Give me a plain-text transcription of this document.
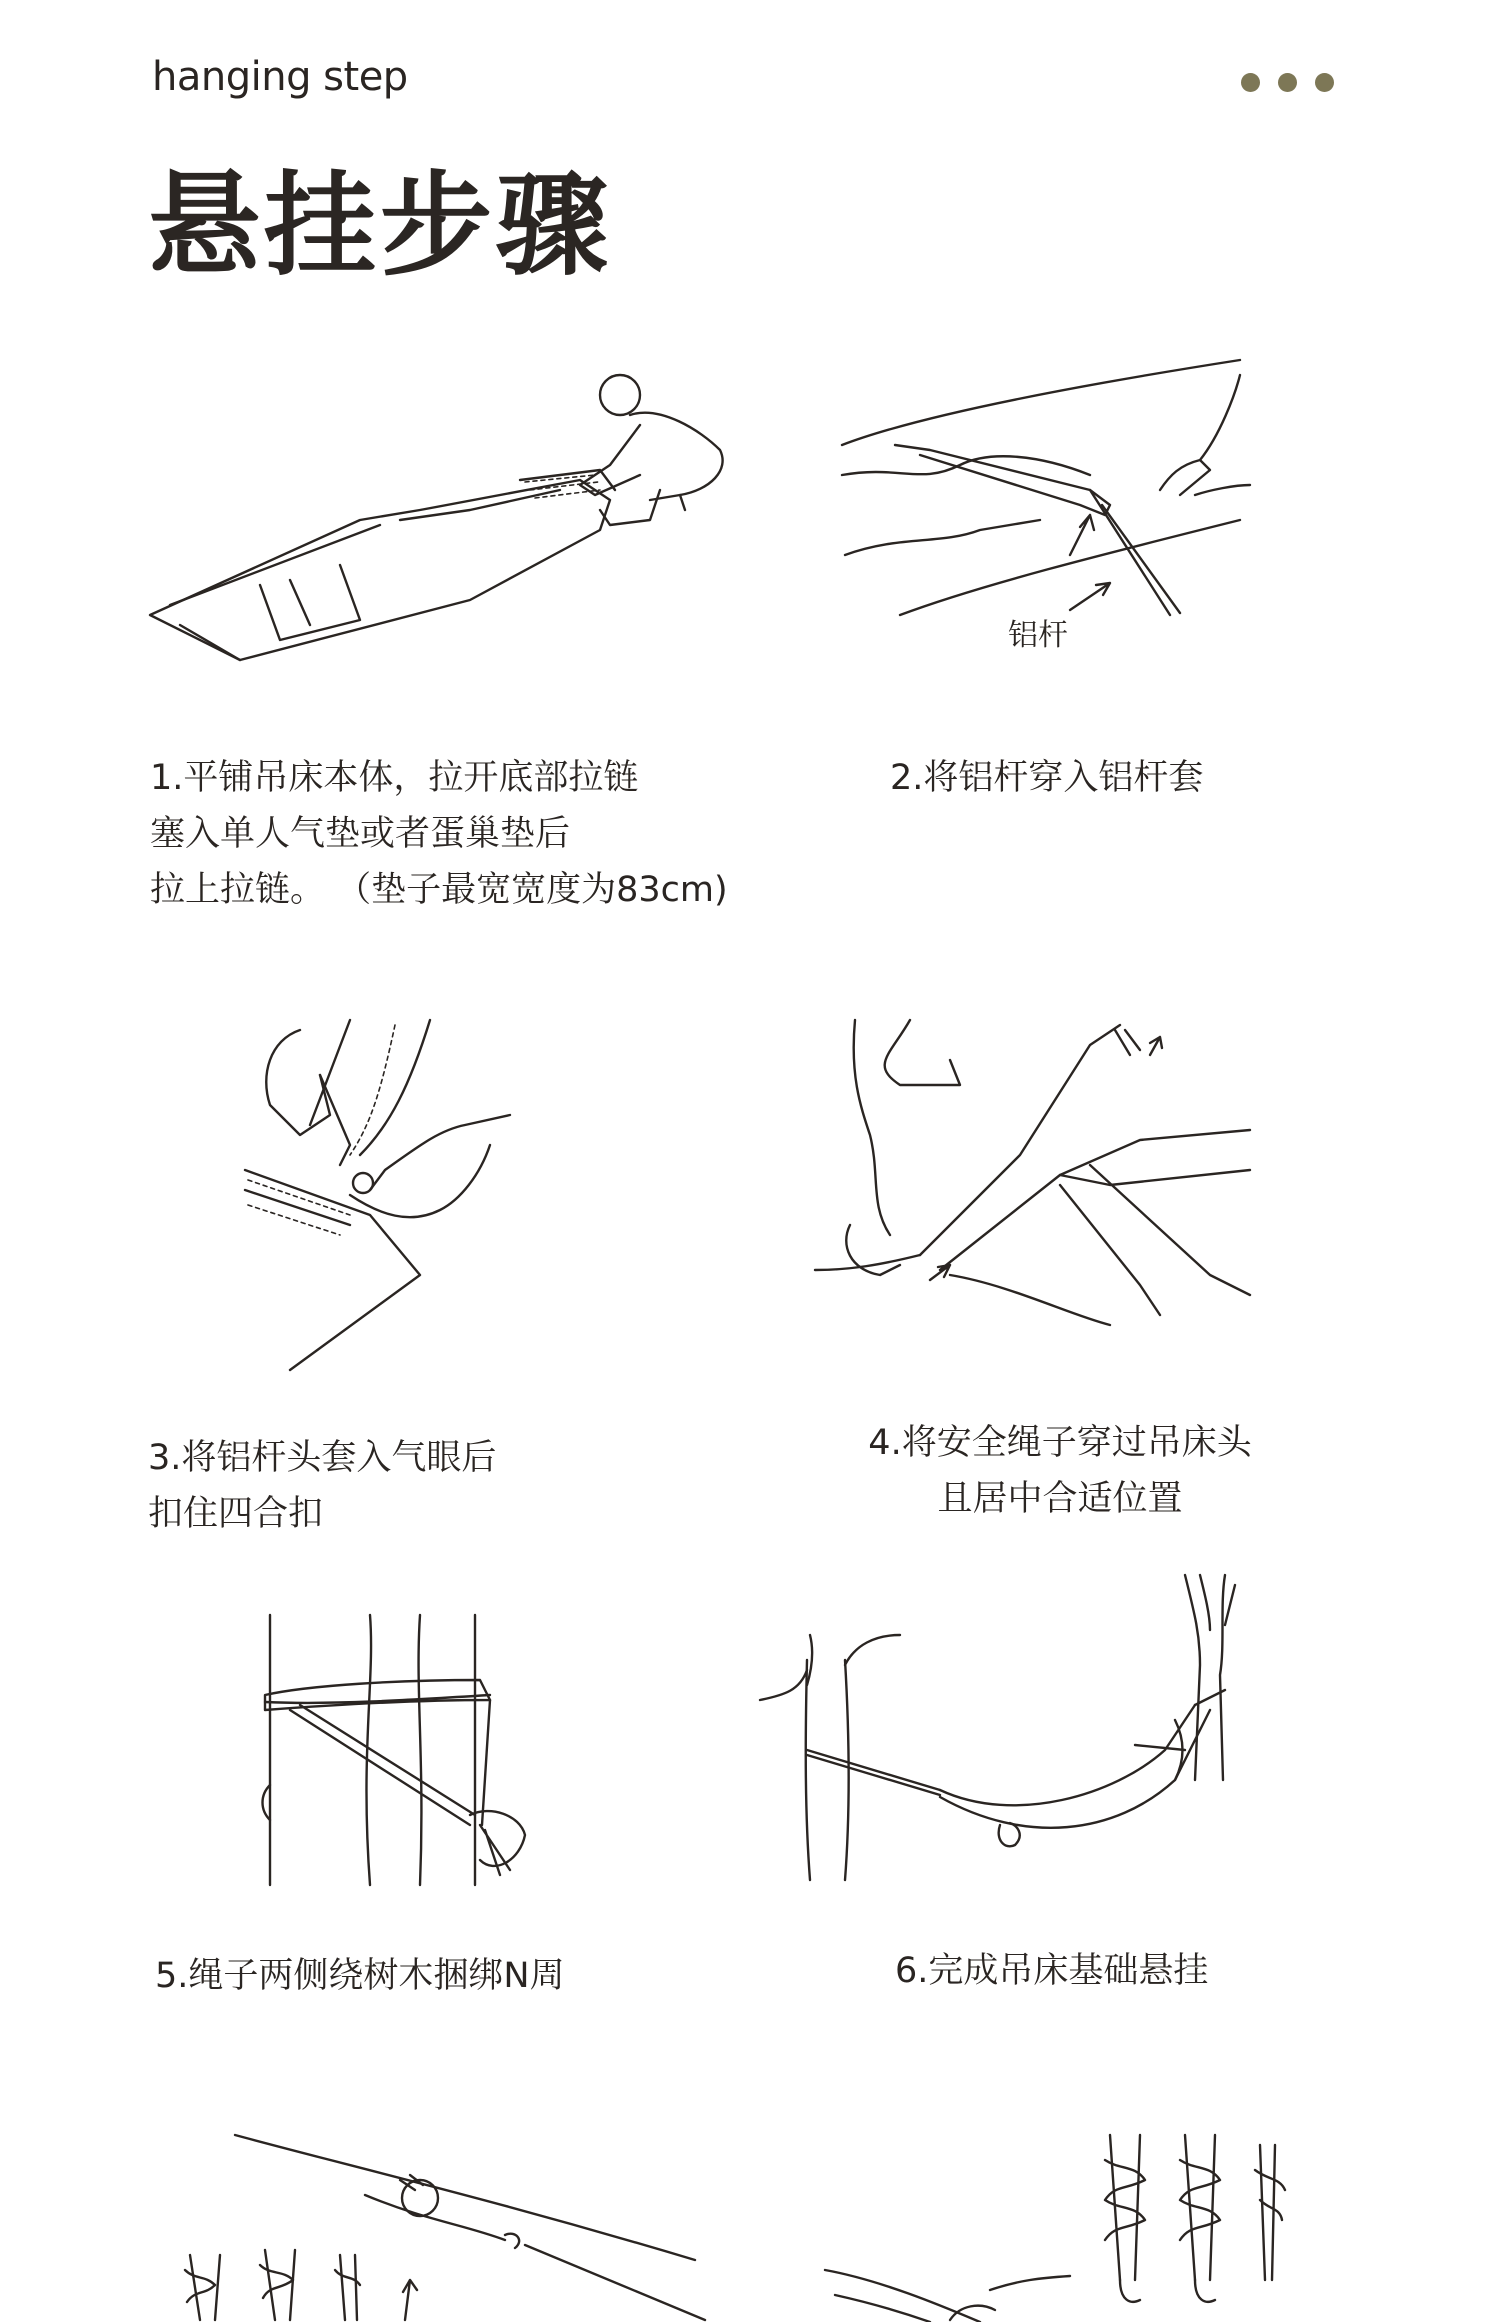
hanging step
悬挂步骤
铝杆
1.平铺吊床本体，拉开底部拉链
塞入单人气垫或者蛋巢垫后
拉上拉链。 （垫子最宽宽度为83cm)
2.将铝杆穿入铝杆套
3.将铝杆头套入气眼后
扣住四合扣
4.将安全绳子穿过吊床头
且居中合适位置
5.绳子两侧绕树木捆绑N周	6.完成吊床基础悬挂
